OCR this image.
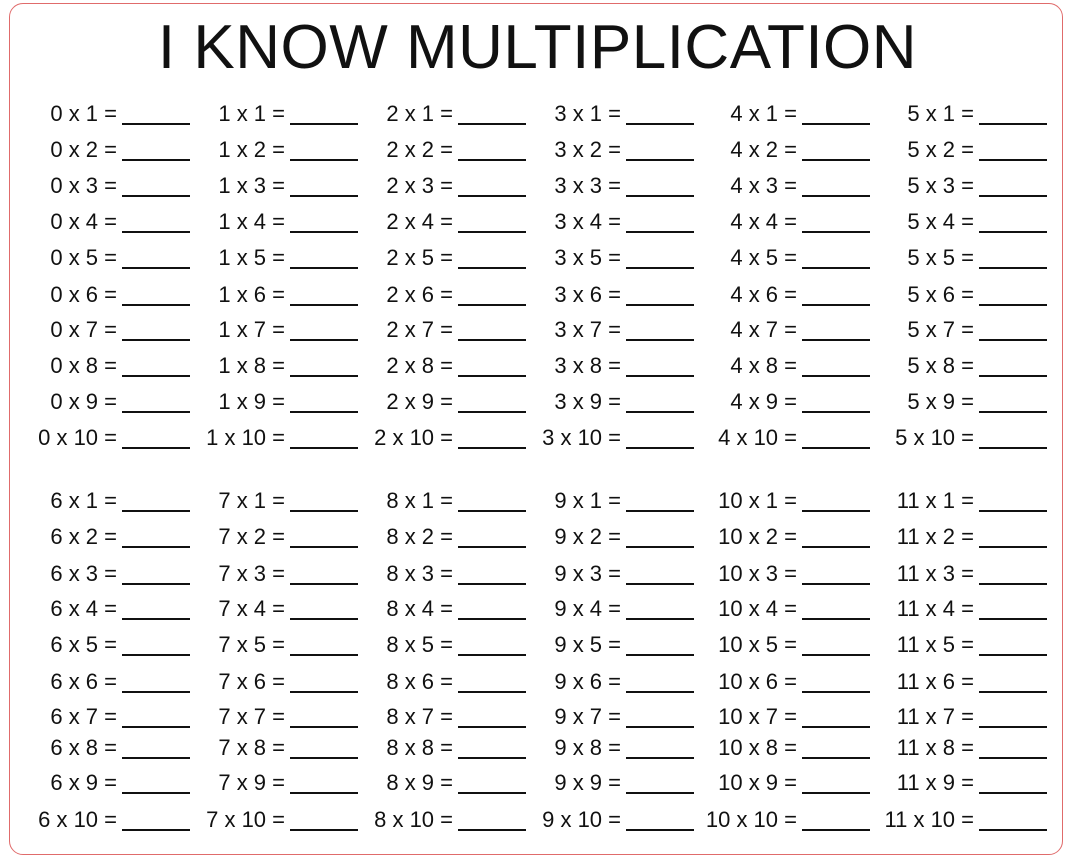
I KNOW MULTIPLICATION
0 x 1 =
0 x 2 =
0 x 3 =
0 x 4 =
0 x 5 =
0 x 6 =
0 x 7 =
0 x 8 =
0 x 9 =
0 x 10 =
1 x 1 =
1 x 2 =
1 x 3 =
1 x 4 =
1 x 5 =
1 x 6 =
1 x 7 =
1 x 8 =
1 x 9 =
1 x 10 =
2 x 1 =
2 x 2 =
2 x 3 =
2 x 4 =
2 x 5 =
2 x 6 =
2 x 7 =
2 x 8 =
2 x 9 =
2 x 10 =
3 x 1 =
3 x 2 =
3 x 3 =
3 x 4 =
3 x 5 =
3 x 6 =
3 x 7 =
3 x 8 =
3 x 9 =
3 x 10 =
4 x 1 =
4 x 2 =
4 x 3 =
4 x 4 =
4 x 5 =
4 x 6 =
4 x 7 =
4 x 8 =
4 x 9 =
4 x 10 =
5 x 1 =
5 x 2 =
5 x 3 =
5 x 4 =
5 x 5 =
5 x 6 =
5 x 7 =
5 x 8 =
5 x 9 =
5 x 10 =
6 x 1 =
6 x 2 =
6 x 3 =
6 x 4 =
6 x 5 =
6 x 6 =
6 x 7 =
6 x 8 =
6 x 9 =
6 x 10 =
7 x 1 =
7 x 2 =
7 x 3 =
7 x 4 =
7 x 5 =
7 x 6 =
7 x 7 =
7 x 8 =
7 x 9 =
7 x 10 =
8 x 1 =
8 x 2 =
8 x 3 =
8 x 4 =
8 x 5 =
8 x 6 =
8 x 7 =
8 x 8 =
8 x 9 =
8 x 10 =
9 x 1 =
9 x 2 =
9 x 3 =
9 x 4 =
9 x 5 =
9 x 6 =
9 x 7 =
9 x 8 =
9 x 9 =
9 x 10 =
10 x 1 =
10 x 2 =
10 x 3 =
10 x 4 =
10 x 5 =
10 x 6 =
10 x 7 =
10 x 8 =
10 x 9 =
10 x 10 =
11 x 1 =
11 x 2 =
11 x 3 =
11 x 4 =
11 x 5 =
11 x 6 =
11 x 7 =
11 x 8 =
11 x 9 =
11 x 10 =
